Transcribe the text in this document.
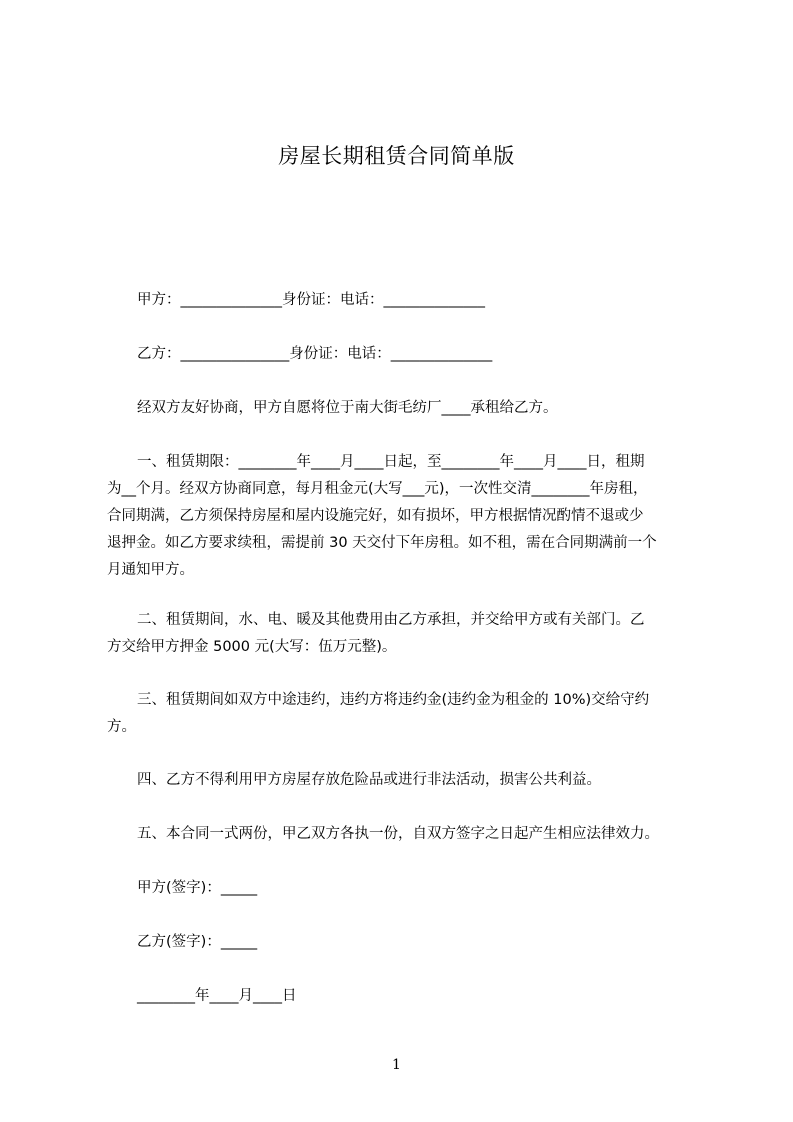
房屋长期租赁合同简单版
甲方：______________身份证：电话：______________
乙方：_______________身份证：电话：______________
经双方友好协商，甲方自愿将位于南大街毛纺厂____承租给乙方。
一、租赁期限：________年____月____日起，至________年____月____日，租期
为__个月。经双方协商同意，每月租金元(大写___元)，一次性交清________年房租，
合同期满，乙方须保持房屋和屋内设施完好，如有损坏，甲方根据情况酌情不退或少
退押金。如乙方要求续租，需提前 30 天交付下年房租。如不租，需在合同期满前一个
月通知甲方。
二、租赁期间，水、电、暖及其他费用由乙方承担，并交给甲方或有关部门。乙
方交给甲方押金 5000 元(大写：伍万元整)。
三、租赁期间如双方中途违约，违约方将违约金(违约金为租金的 10%)交给守约
方。
四、乙方不得利用甲方房屋存放危险品或进行非法活动，损害公共利益。
五、本合同一式两份，甲乙双方各执一份，自双方签字之日起产生相应法律效力。
甲方(签字)：_____
乙方(签字)：_____
________年____月____日
1
